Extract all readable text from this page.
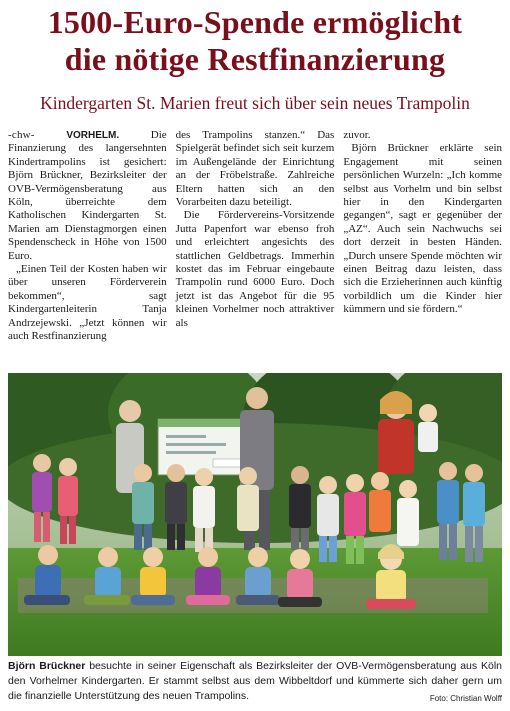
1500-Euro-Spende ermöglicht
die nötige Restfinanzierung
Kindergarten St. Marien freut sich über sein neues Trampolin

-chw-	VORHELM.	Die Finanzierung des langersehnten Kindertrampolins ist gesichert: Björn Brückner, Bezirksleiter der OVB-Vermögensberatung aus Köln, überreichte dem Katholischen Kindergarten St. Marien am Dienstagmorgen einen Spendenscheck in Höhe von 1500 Euro.

„Einen Teil der Kosten haben wir über unseren Förderverein bekommen“, sagt Kindergartenleiterin Tanja Andrzejewski. „Jetzt können wir auch Restfinanzierung

des Trampolins stanzen.“ Das Spielgerät befindet sich seit kurzem im Außengelände der Einrichtung an der Fröbelstraße. Zahlreiche Eltern hatten sich an den Vorarbeiten dazu beteiligt.

Die Fördervereins-Vorsitzende Jutta Papenfort war ebenso froh und erleichtert angesichts des stattlichen Geldbetrags. Immerhin kostet das im Februar eingebaute Trampolin rund 6000 Euro. Doch jetzt ist das Angebot für die 95 kleinen Vorhelmer noch attraktiver als

zuvor.

Björn Brückner erklärte sein Engagement mit seinen persönlichen Wurzeln: „Ich komme selbst aus Vorhelm und bin selbst hier in den Kindergarten gegangen“, sagt er gegenüber der „AZ“. Auch sein Nachwuchs sei dort derzeit in besten Händen. „Durch unsere Spende möchten wir einen Beitrag dazu leisten, dass sich die Erzieherinnen auch künftig vorbildlich um die Kinder hier kümmern und sie fördern.“

Björn Brückner besuchte in seiner Eigenschaft als Bezirksleiter der OVB-Vermögensberatung aus Köln den Vorhelmer Kindergarten. Er stammt selbst aus dem Wibbeltdorf und kümmerte sich daher gern um die finanzielle Unterstützung des neuen Trampolins.	Foto: Christian Wolff
